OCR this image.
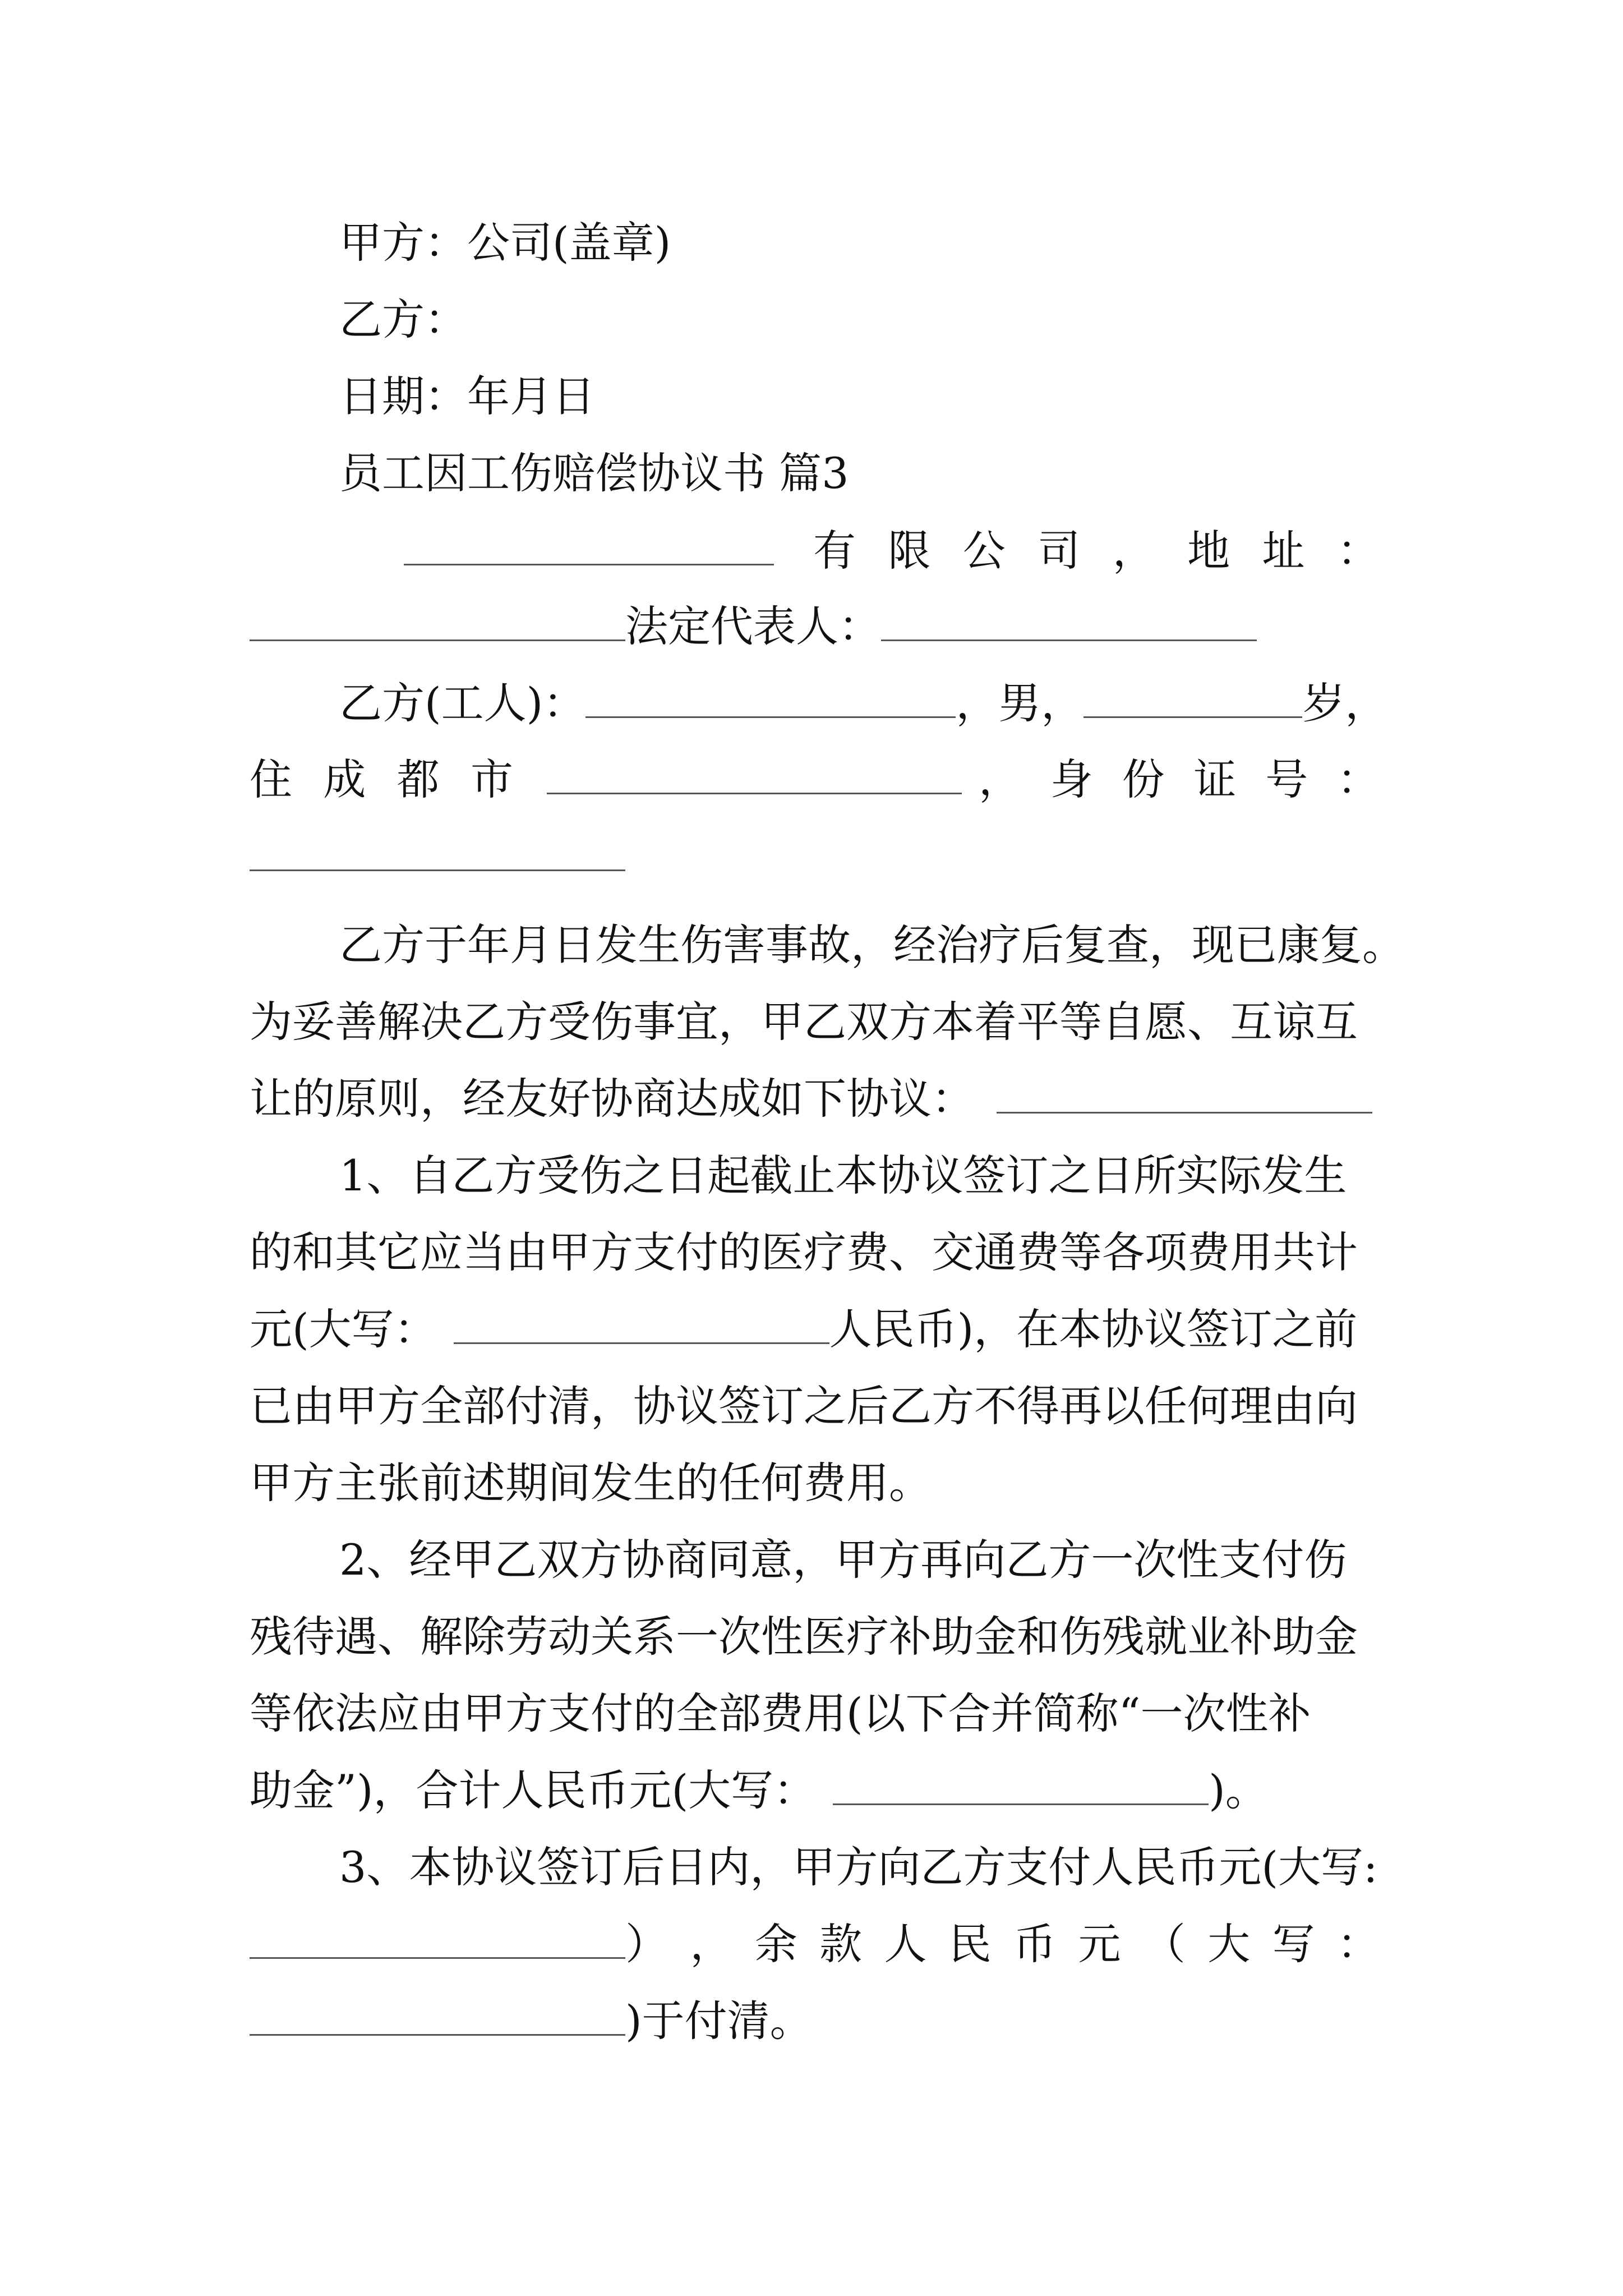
甲方：公司(盖章)

乙方：

日期：年月日

员工因工伤赔偿协议书 篇3

有 限 公 司 ， 地 址 ：
法定代表人：
乙方(工人)：	，男，	岁，
住 成 都 市	， 身 份 证 号 ：

乙方于年月日发生伤害事故，经治疗后复查，现已康复。

为妥善解决乙方受伤事宜，甲乙双方本着平等自愿、互谅互

让的原则，经友好协商达成如下协议：

1、自乙方受伤之日起截止本协议签订之日所实际发生

的和其它应当由甲方支付的医疗费、交通费等各项费用共计

元(大写：	人民币)，在本协议签订之前

已由甲方全部付清，协议签订之后乙方不得再以任何理由向

甲方主张前述期间发生的任何费用。

2、经甲乙双方协商同意，甲方再向乙方一次性支付伤

残待遇、解除劳动关系一次性医疗补助金和伤残就业补助金

等依法应由甲方支付的全部费用(以下合并简称“一次性补

助金”)，合计人民币元(大写：	)。

3、本协议签订后日内，甲方向乙方支付人民币元(大写:

） ， 余 款 人 民 币 元 （ 大 写 ：
)于付清。
